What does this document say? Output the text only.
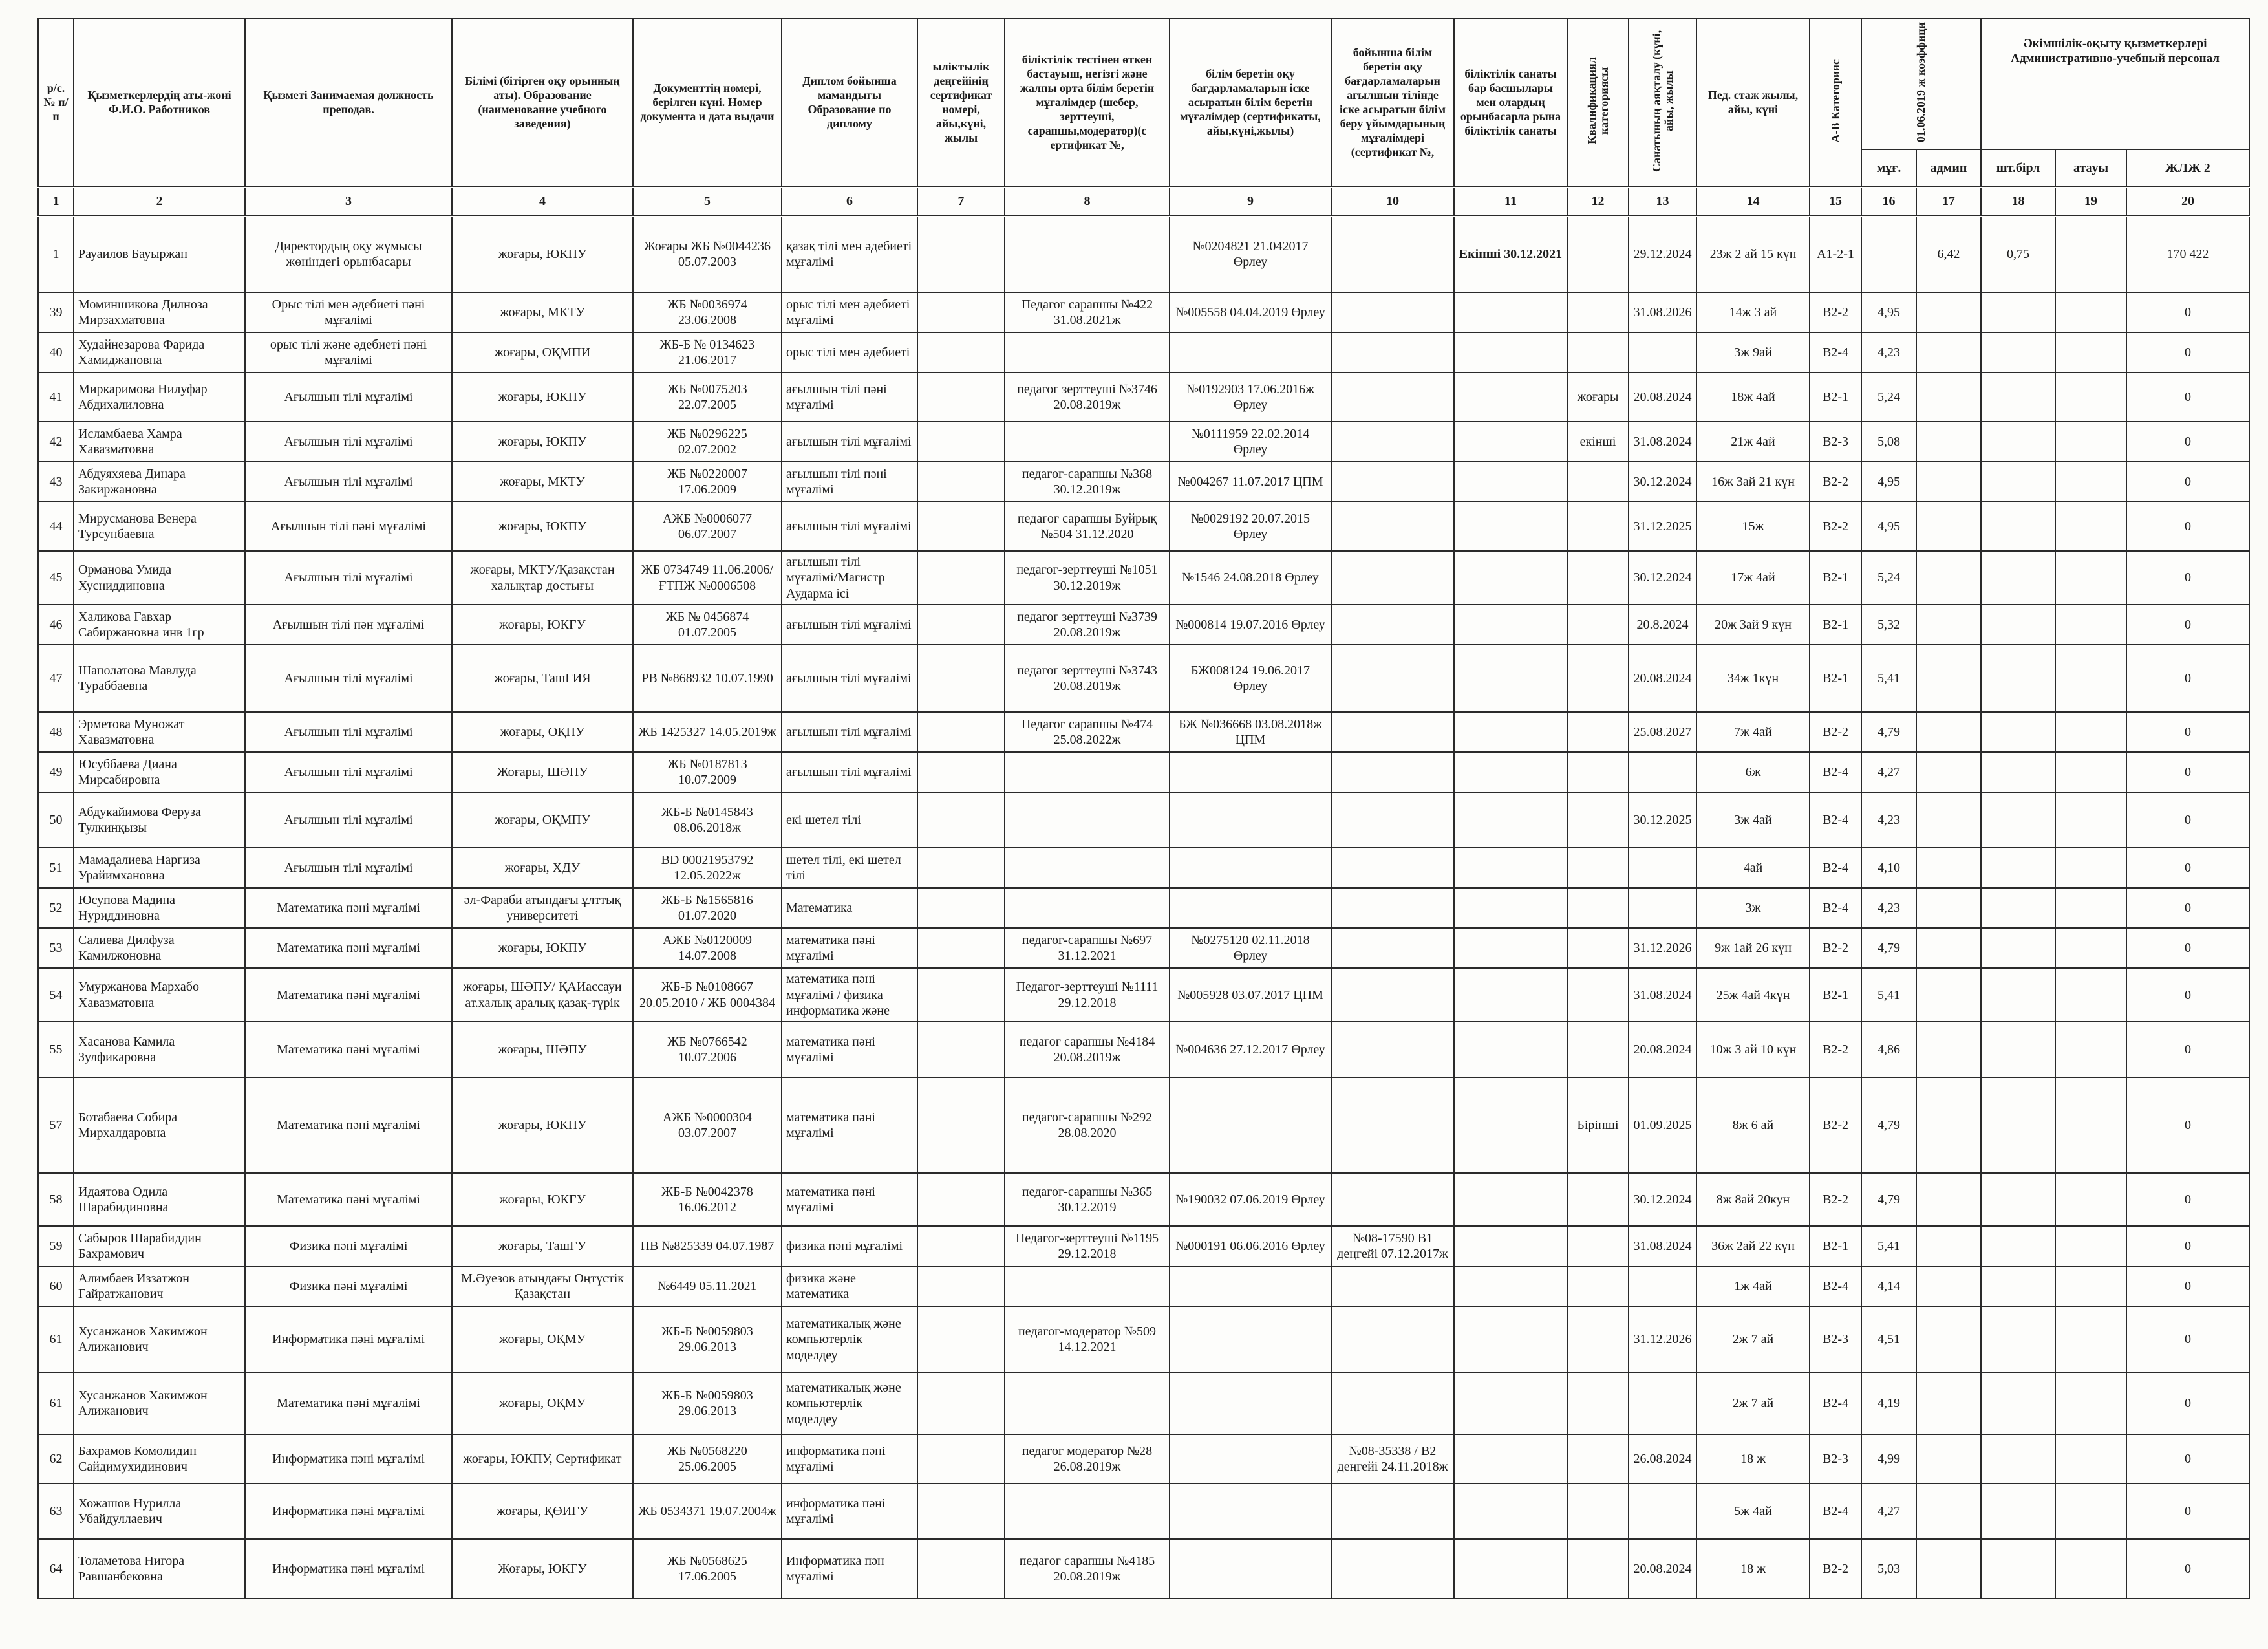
р/с.№ п/п	Қызметкерлердің аты-жөні Ф.И.О. Работников	Қызметі Занимаемая должность преподав.	Білімі (бітірген оқу орынның аты). Образование (наименование учебного заведения)	Документтің номері, берілген күні. Номер документа и дата выдачи	Диплом бойынша мамандығы Образование по диплому	ыліктылік деңгейінің сертификат номері, айы,күні, жылы	біліктілік тестінен өткен бастауыш, негізгі және жалпы орта білім беретін мұғалімдер (шебер, зерттеуші, сарапшы,модератор)(с ертификат №,	білім беретін оқу бағдарламаларын іске асыратын білім беретін мұғалімдер (сертификаты, айы,күні,жылы)	бойынша білім беретін оқу бағдарламаларын ағылшын тілінде іске асыратын білім беру ұйымдарының мұғалімдері (сертификат №,	біліктілік санаты бар басшылары мен олардың орынбасарла рына біліктілік санаты	Квалификациял категориясы	Санатының аяқталу (күні, айы, жылы	Пед. стаж жылы, айы, күні	А-В Категорияс	01.06.2019 ж коэффици		Әкімшілік-оқыту қызметкерлері Административно-учебный персонал		
															мұғ.	админ	шт.бірл	атауы	ЖЛЖ 2
1	2	3	4	5	6	7	8	9	10	11	12	13	14	15	16	17	18	19	20
1	Рауаилов Бауыржан	Директордың оқу жұмысы жөніндегі орынбасары	жоғары, ЮКПУ	Жоғары ЖБ №0044236 05.07.2003	қазақ тілі мен әдебиеті мұғалімі			№0204821 21.042017 Өрлеу		Екінші 30.12.2021		29.12.2024	23ж 2 ай 15 күн	А1-2-1		6,42	0,75		170 422
39	Моминшикова Дилноза Мирзахматовна	Орыс тілі мен әдебиеті пәні мұғалімі	жоғары, МКТУ	ЖБ №0036974 23.06.2008	орыс тілі мен әдебиеті мұғалімі		Педагог сарапшы №422 31.08.2021ж	№005558 04.04.2019 Өрлеу				31.08.2026	14ж 3 ай	В2-2	4,95				0
40	Худайнезарова Фарида Хамиджановна	орыс тілі және әдебиеті пәні мұғалімі	жоғары, ОҚМПИ	ЖБ-Б № 0134623 21.06.2017	орыс тілі мен әдебиеті								3ж 9ай	В2-4	4,23				0
41	Миркаримова Нилуфар Абдихалиловна	Ағылшын тілі мұғалімі	жоғары, ЮКПУ	ЖБ №0075203 22.07.2005	ағылшын тілі пәні мұғалімі		педагог зерттеуші №3746 20.08.2019ж	№0192903 17.06.2016ж Өрлеу			жоғары	20.08.2024	18ж 4ай	В2-1	5,24				0
42	Исламбаева Хамра Хавазматовна	Ағылшын тілі мұғалімі	жоғары, ЮКПУ	ЖБ №0296225 02.07.2002	ағылшын тілі мұғалімі			№0111959 22.02.2014 Өрлеу			екінші	31.08.2024	21ж 4ай	В2-3	5,08				0
43	Абдуяхяева Динара Закиржановна	Ағылшын тілі мұғалімі	жоғары, МКТУ	ЖБ №0220007 17.06.2009	ағылшын тілі пәні мұғалімі		педагог-сарапшы №368 30.12.2019ж	№004267 11.07.2017 ЦПМ				30.12.2024	16ж 3ай 21 күн	В2-2	4,95				0
44	Мирусманова Венера Турсунбаевна	Ағылшын тілі пәні мұғалімі	жоғары, ЮКПУ	АЖБ №0006077 06.07.2007	ағылшын тілі мұғалімі		педагог сарапшы Буйрық №504 31.12.2020	№0029192 20.07.2015 Өрлеу				31.12.2025	15ж	В2-2	4,95				0
45	Орманова Умида Хусниддиновна	Ағылшын тілі мұғалімі	жоғары, МКТУ/Қазақстан халықтар достығы	ЖБ 0734749 11.06.2006/ҒТПЖ №0006508	ағылшын тілі мұғалімі/Магистр Аударма ісі		педагог-зерттеуші №1051 30.12.2019ж	№1546 24.08.2018 Өрлеу				30.12.2024	17ж 4ай	В2-1	5,24				0
46	Халикова Гавхар Сабиржановна инв 1гр	Ағылшын тілі пән мұғалімі	жоғары, ЮКГУ	ЖБ № 0456874 01.07.2005	ағылшын тілі мұғалімі		педагог зерттеуші №3739 20.08.2019ж	№000814 19.07.2016 Өрлеу				20.8.2024	20ж 3ай 9 күн	В2-1	5,32				0
47	Шаполатова Мавлуда Тураббаевна	Ағылшын тілі мұғалімі	жоғары, ТашГИЯ	РВ №868932 10.07.1990	ағылшын тілі мұғалімі		педагог зерттеуші №3743 20.08.2019ж	БЖ008124 19.06.2017 Өрлеу				20.08.2024	34ж 1күн	В2-1	5,41				0
48	Эрметова Муножат Хавазматовна	Ағылшын тілі мұғалімі	жоғары, ОҚПУ	ЖБ 1425327 14.05.2019ж	ағылшын тілі мұғалімі		Педагог сарапшы №474 25.08.2022ж	БЖ №036668 03.08.2018ж ЦПМ				25.08.2027	7ж 4ай	В2-2	4,79				0
49	Юсуббаева Диана Мирсабировна	Ағылшын тілі мұғалімі	Жоғары, ШӘПУ	ЖБ №0187813 10.07.2009	ағылшын тілі мұғалімі								6ж	В2-4	4,27				0
50	Абдукайимова Феруза Тулкинқызы	Ағылшын тілі мұғалімі	жоғары, ОҚМПУ	ЖБ-Б №0145843 08.06.2018ж	екі шетел тілі							30.12.2025	3ж 4ай	В2-4	4,23				0
51	Мамадалиева Наргиза Урайимхановна	Ағылшын тілі мұғалімі	жоғары, ХДУ	BD 00021953792 12.05.2022ж	шетел тілі, екі шетел тілі								4ай	В2-4	4,10				0
52	Юсупова Мадина Нуриддиновна	Математика пәні мұғалімі	әл-Фараби атындағы ұлттық университеті	ЖБ-Б №1565816 01.07.2020	Математика								3ж	В2-4	4,23				0
53	Салиева Дилфуза Камилжоновна	Математика пәні мұғалімі	жоғары, ЮКПУ	АЖБ №0120009 14.07.2008	математика пәні мұғалімі		педагог-сарапшы №697 31.12.2021	№0275120 02.11.2018 Өрлеу				31.12.2026	9ж 1ай 26 күн	В2-2	4,79				0
54	Умуржанова Мархабо Хавазматовна	Математика пәні мұғалімі	жоғары, ШӘПУ/ ҚАИассауи ат.халық аралық қазақ-түрік	ЖБ-Б №0108667 20.05.2010 / ЖБ 0004384	математика пәні мұғалімі / физика информатика және		Педагог-зерттеуші №1111 29.12.2018	№005928 03.07.2017 ЦПМ				31.08.2024	25ж 4ай 4күн	В2-1	5,41				0
55	Хасанова Камила Зулфикаровна	Математика пәні мұғалімі	жоғары, ШӘПУ	ЖБ №0766542 10.07.2006	математика пәні мұғалімі		педагог сарапшы №4184 20.08.2019ж	№004636 27.12.2017 Өрлеу				20.08.2024	10ж 3 ай 10 күн	В2-2	4,86				0
57	Ботабаева Собира Мирхалдаровна	Математика пәні мұғалімі	жоғары, ЮКПУ	АЖБ №0000304 03.07.2007	математика пәні мұғалімі		педагог-сарапшы №292 28.08.2020				Бірінші	01.09.2025	8ж 6 ай	В2-2	4,79				0
58	Идаятова Одила Шарабидиновна	Математика пәні мұғалімі	жоғары, ЮКГУ	ЖБ-Б №0042378 16.06.2012	математика пәні мұғалімі		педагог-сарапшы №365 30.12.2019	№190032 07.06.2019 Өрлеу				30.12.2024	8ж 8ай 20кун	В2-2	4,79				0
59	Сабыров Шарабиддин Бахрамович	Физика пәні мұғалімі	жоғары, ТашГУ	ПВ №825339 04.07.1987	физика пәні мұғалімі		Педагог-зерттеуші №1195 29.12.2018	№000191 06.06.2016 Өрлеу	№08-17590 В1 деңгейі 07.12.2017ж			31.08.2024	36ж 2ай 22 күн	В2-1	5,41				0
60	Алимбаев Иззатжон Гайратжанович	Физика пәні мұғалімі	М.Әуезов атындағы Оңтүстік Қазақстан	№6449 05.11.2021	физика және математика								1ж 4ай	В2-4	4,14				0
61	Хусанжанов Хакимжон Алижанович	Информатика пәні мұғалімі	жоғары, ОҚМУ	ЖБ-Б №0059803 29.06.2013	математикалық және компьютерлік моделдеу		педагог-модератор №509 14.12.2021					31.12.2026	2ж 7 ай	В2-3	4,51				0
61	Хусанжанов Хакимжон Алижанович	Математика пәні мұғалімі	жоғары, ОҚМУ	ЖБ-Б №0059803 29.06.2013	математикалық және компьютерлік моделдеу								2ж 7 ай	В2-4	4,19				0
62	Бахрамов Комолидин Сайдимухидинович	Информатика пәні мұғалімі	жоғары, ЮКПУ, Сертификат	ЖБ №0568220 25.06.2005	информатика пәні мұғалімі		педагог модератор №28 26.08.2019ж		№08-35338 / В2 деңгейі 24.11.2018ж			26.08.2024	18 ж	В2-3	4,99				0
63	Хожашов Нурилла Убайдуллаевич	Информатика пәні мұғалімі	жоғары, ҚӨИГУ	ЖБ 0534371 19.07.2004ж	информатика пәні мұғалімі								5ж 4ай	В2-4	4,27				0
64	Толаметова Нигора Равшанбековна	Информатика пәні мұғалімі	Жоғары, ЮКГУ	ЖБ №0568625 17.06.2005	Информатика пән мұғалімі		педагог сарапшы №4185 20.08.2019ж					20.08.2024	18 ж	В2-2	5,03				0
